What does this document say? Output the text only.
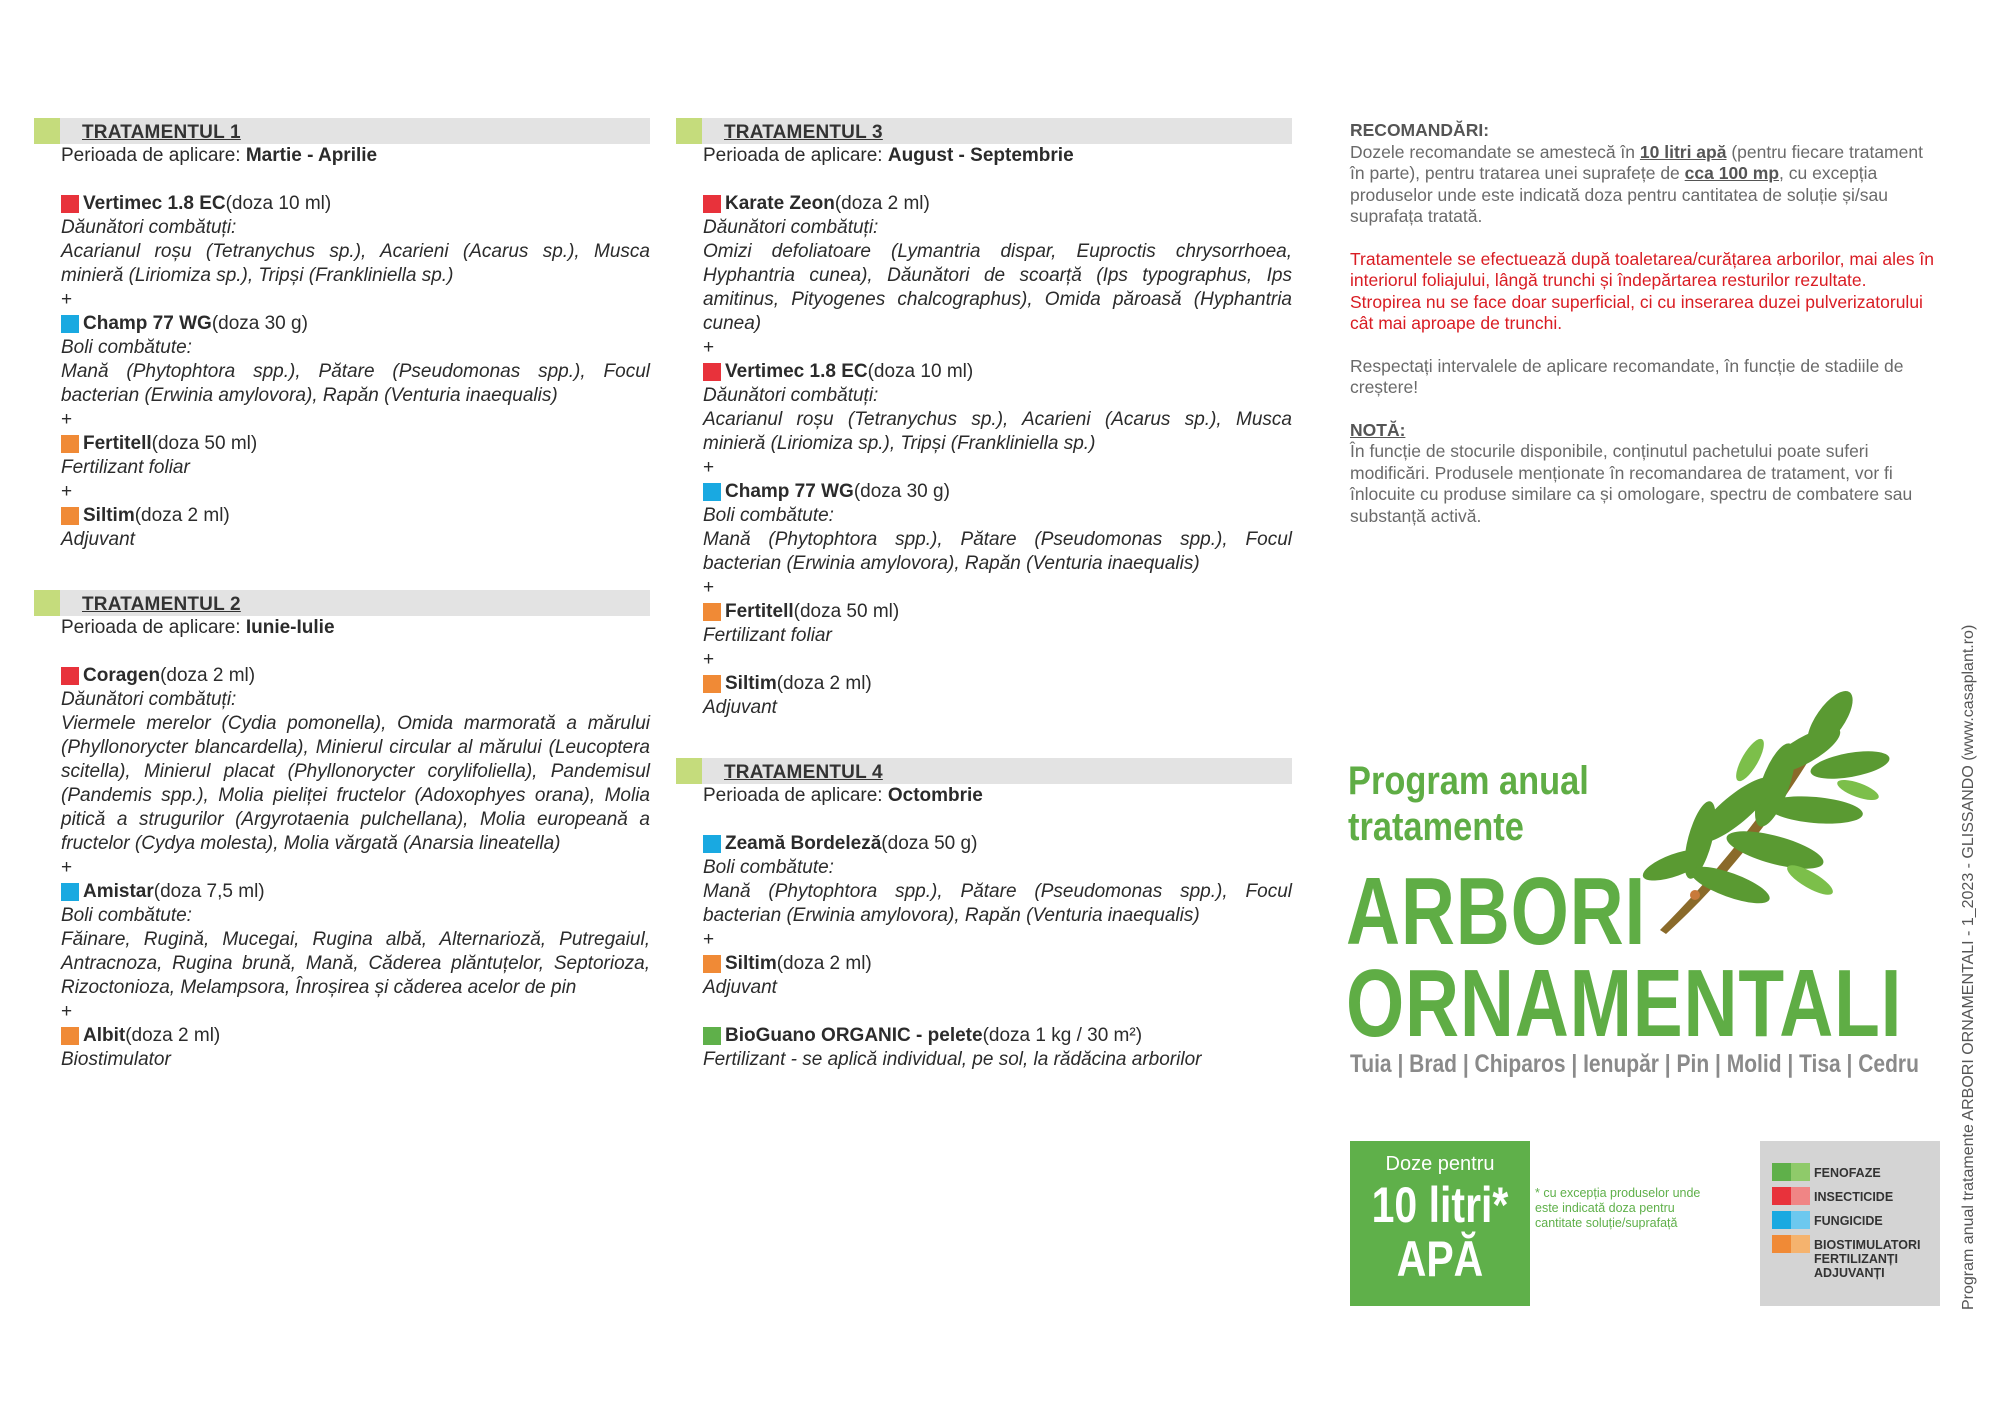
TRATAMENTUL 1
Perioada de aplicare: Martie - Aprilie
Vertimec 1.8 EC (doza 10 ml)
Dăunători combătuți:
Acarianul roșu (Tetranychus sp.), Acarieni (Acarus sp.), Musca minieră (Liriomiza sp.), Tripși (Frankliniella sp.)
+
Champ 77 WG (doza 30 g)
Boli combătute:
Mană (Phytophtora spp.), Pătare (Pseudomonas spp.), Focul bacterian (Erwinia amylovora), Rapăn (Venturia inaequalis)
+
Fertitell (doza 50 ml)
Fertilizant foliar
+
Siltim (doza 2 ml)
Adjuvant
TRATAMENTUL 2
Perioada de aplicare: Iunie-Iulie
Coragen (doza 2 ml)
Dăunători combătuți:
Viermele merelor (Cydia pomonella), Omida marmorată a mărului (Phyllonorycter blancardella), Minierul circular al mărului (Leucoptera scitella), Minierul placat (Phyllonorycter corylifoliella), Pandemisul (Pandemis spp.), Molia pieliței fructelor (Adoxophyes orana), Molia pitică a strugurilor (Argyrotaenia pulchellana), Molia europeană a fructelor (Cydya molesta), Molia vărgată (Anarsia lineatella)
+
Amistar (doza 7,5 ml)
Boli combătute:
Făinare, Rugină, Mucegai, Rugina albă, Alternarioză, Putregaiul, Antracnoza, Rugina brună, Mană, Căderea plăntuțelor, Septorioza, Rizoctonioza, Melampsora, Înroșirea și căderea acelor de pin
+
Albit (doza 2 ml)
Biostimulator
TRATAMENTUL 3
Perioada de aplicare: August - Septembrie
Karate Zeon (doza 2 ml)
Dăunători combătuți:
Omizi defoliatoare (Lymantria dispar, Euproctis chrysorrhoea, Hyphantria cunea), Dăunători de scoarță (Ips typographus, Ips amitinus, Pityogenes chalcographus), Omida păroasă (Hyphantria cunea)
+
Vertimec 1.8 EC (doza 10 ml)
Dăunători combătuți:
Acarianul roșu (Tetranychus sp.), Acarieni (Acarus sp.), Musca minieră (Liriomiza sp.), Tripși (Frankliniella sp.)
+
Champ 77 WG (doza 30 g)
Boli combătute:
Mană (Phytophtora spp.), Pătare (Pseudomonas spp.), Focul bacterian (Erwinia amylovora), Rapăn (Venturia inaequalis)
+
Fertitell (doza 50 ml)
Fertilizant foliar
+
Siltim (doza 2 ml)
Adjuvant
TRATAMENTUL 4
Perioada de aplicare: Octombrie
Zeamă Bordeleză (doza 50 g)
Boli combătute:
Mană (Phytophtora spp.), Pătare (Pseudomonas spp.), Focul bacterian (Erwinia amylovora), Rapăn (Venturia inaequalis)
+
Siltim (doza 2 ml)
Adjuvant
BioGuano ORGANIC - pelete (doza 1 kg / 30 m²)
Fertilizant - se aplică individual, pe sol, la rădăcina arborilor
RECOMANDĂRI:
Dozele recomandate se amestecă în 10 litri apă (pentru fiecare tratament în parte), pentru tratarea unei suprafețe de cca 100 mp, cu excepția produselor unde este indicată doza pentru cantitatea de soluție și/sau suprafața tratată.
Tratamentele se efectuează după toaletarea/curățarea arborilor, mai ales în interiorul foliajului, lângă trunchi și îndepărtarea resturilor rezultate.
Stropirea nu se face doar superficial, ci cu inserarea duzei pulverizatorului cât mai aproape de trunchi.
Respectați intervalele de aplicare recomandate, în funcție de stadiile de creștere!
NOTĂ:
În funcție de stocurile disponibile, conținutul pachetului poate suferi modificări. Produsele menționate în recomandarea de tratament, vor fi înlocuite cu produse similare ca și omologare, spectru de combatere sau substanță activă.
Program anual tratamente
ARBORI
ORNAMENTALI
Tuia | Brad | Chiparos | Ienupăr | Pin | Molid | Tisa | Cedru
Doze pentru
10 litri*
APĂ
* cu excepția produselor unde este indicată doza pentru cantitate soluție/suprafață
FENOFAZE
INSECTICIDE
FUNGICIDE
BIOSTIMULATORI FERTILIZANȚI ADJUVANȚI	Program anual tratamente ARBORI ORNAMENTALI - 1_2023 - GLISSANDO (www.casaplant.ro)
